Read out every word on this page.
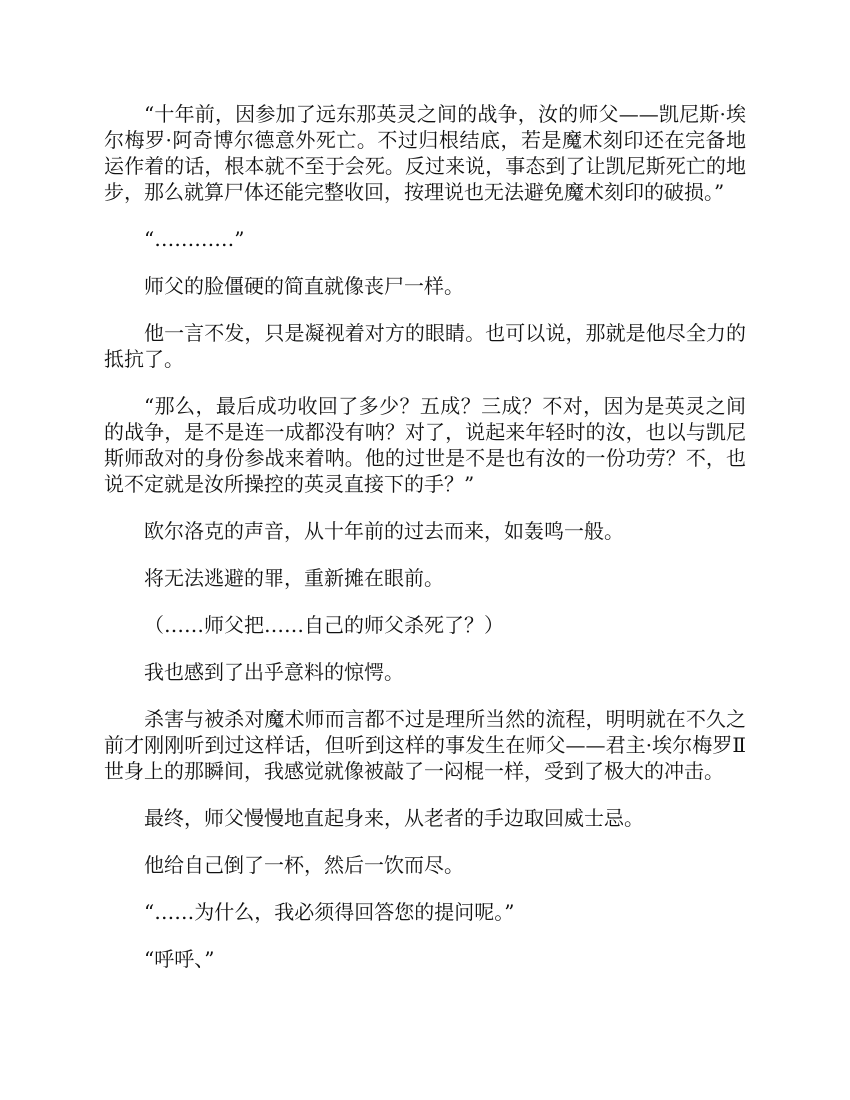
“十年前，因参加了远东那英灵之间的战争，汝的师父——凯尼斯·埃尔梅罗·阿奇博尔德意外死亡。不过归根结底，若是魔术刻印还在完备地运作着的话，根本就不至于会死。反过来说，事态到了让凯尼斯死亡的地步，那么就算尸体还能完整收回，按理说也无法避免魔术刻印的破损。”

“…………”

师父的脸僵硬的简直就像丧尸一样。

他一言不发，只是凝视着对方的眼睛。也可以说，那就是他尽全力的抵抗了。

“那么，最后成功收回了多少？五成？三成？不对，因为是英灵之间的战争，是不是连一成都没有呐？对了，说起来年轻时的汝，也以与凯尼斯师敌对的身份参战来着呐。他的过世是不是也有汝的一份功劳？不，也说不定就是汝所操控的英灵直接下的手？”

欧尔洛克的声音，从十年前的过去而来，如轰鸣一般。

将无法逃避的罪，重新摊在眼前。

（……师父把……自己的师父杀死了？）

我也感到了出乎意料的惊愕。

杀害与被杀对魔术师而言都不过是理所当然的流程，明明就在不久之前才刚刚听到过这样话，但听到这样的事发生在师父——君主·埃尔梅罗Ⅱ世身上的那瞬间，我感觉就像被敲了一闷棍一样，受到了极大的冲击。

最终，师父慢慢地直起身来，从老者的手边取回威士忌。

他给自己倒了一杯，然后一饮而尽。

“……为什么，我必须得回答您的提问呢。”

“呼呼、”
